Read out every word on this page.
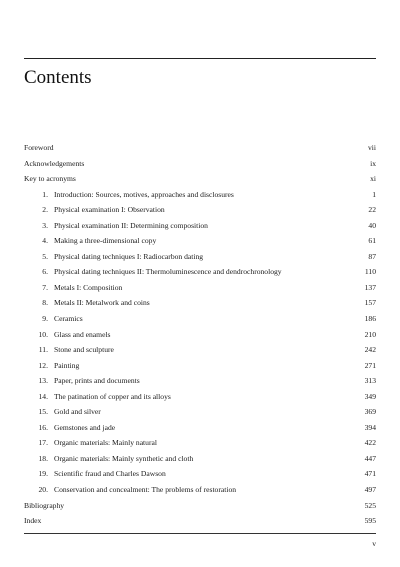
Contents
Foreword	vii
Acknowledgements	ix
Key to acronyms	xi
1. Introduction: Sources, motives, approaches and disclosures	1
2. Physical examination I: Observation	22
3. Physical examination II: Determining composition	40
4. Making a three-dimensional copy	61
5. Physical dating techniques I: Radiocarbon dating	87
6. Physical dating techniques II: Thermoluminescence and dendrochronology	110
7. Metals I: Composition	137
8. Metals II: Metalwork and coins	157
9. Ceramics	186
10. Glass and enamels	210
11. Stone and sculpture	242
12. Painting	271
13. Paper, prints and documents	313
14. The patination of copper and its alloys	349
15. Gold and silver	369
16. Gemstones and jade	394
17. Organic materials: Mainly natural	422
18. Organic materials: Mainly synthetic and cloth	447
19. Scientific fraud and Charles Dawson	471
20. Conservation and concealment: The problems of restoration	497
Bibliography	525
Index	595
v
